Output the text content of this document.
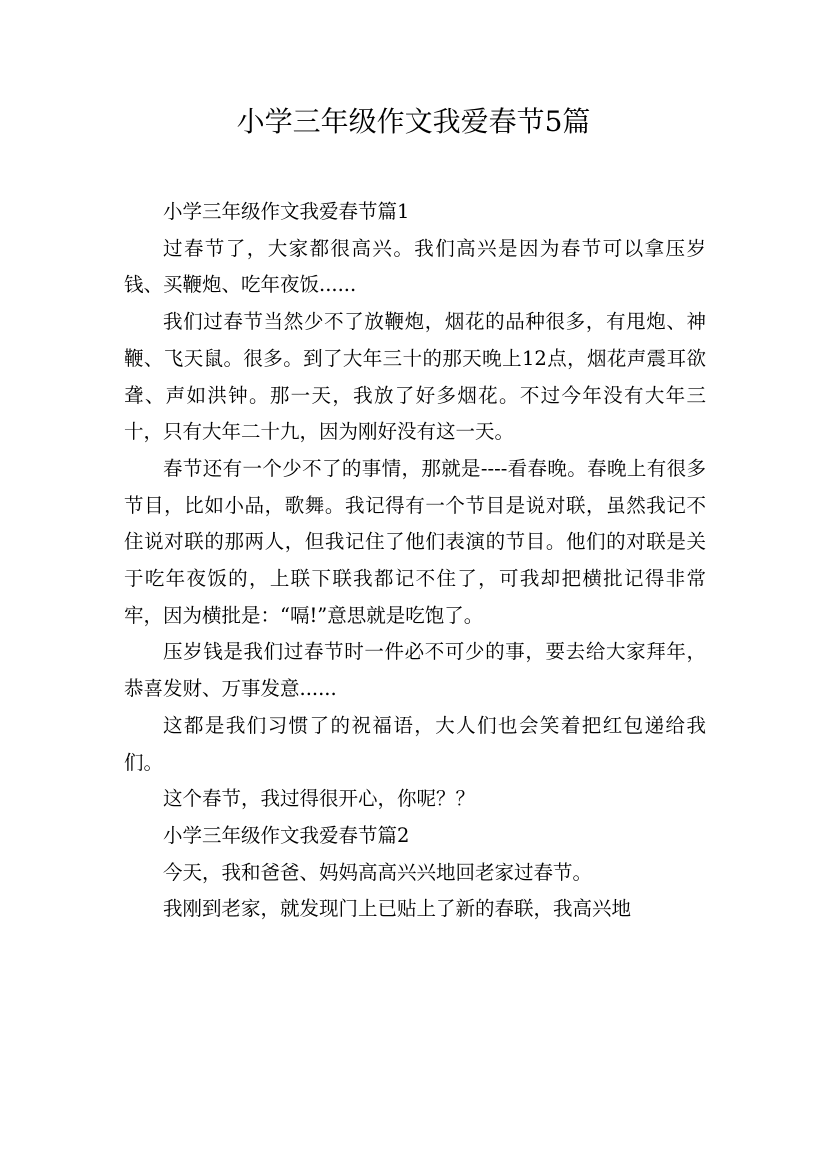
小学三年级作文我爱春节5篇

小学三年级作文我爱春节篇1

过春节了，大家都很高兴。我们高兴是因为春节可以拿压岁钱、买鞭炮、吃年夜饭......

我们过春节当然少不了放鞭炮，烟花的品种很多，有甩炮、神鞭、飞天鼠。很多。到了大年三十的那天晚上12点，烟花声震耳欲聋、声如洪钟。那一天，我放了好多烟花。不过今年没有大年三十，只有大年二十九，因为刚好没有这一天。

春节还有一个少不了的事情，那就是----看春晚。春晚上有很多节目，比如小品，歌舞。我记得有一个节目是说对联，虽然我记不住说对联的那两人，但我记住了他们表演的节目。他们的对联是关于吃年夜饭的，上联下联我都记不住了，可我却把横批记得非常牢，因为横批是：“嗝!”意思就是吃饱了。

压岁钱是我们过春节时一件必不可少的事，要去给大家拜年，恭喜发财、万事发意......

这都是我们习惯了的祝福语，大人们也会笑着把红包递给我们。

这个春节，我过得很开心，你呢？？

小学三年级作文我爱春节篇2

今天，我和爸爸、妈妈高高兴兴地回老家过春节。

我刚到老家，就发现门上已贴上了新的春联，我高兴地
